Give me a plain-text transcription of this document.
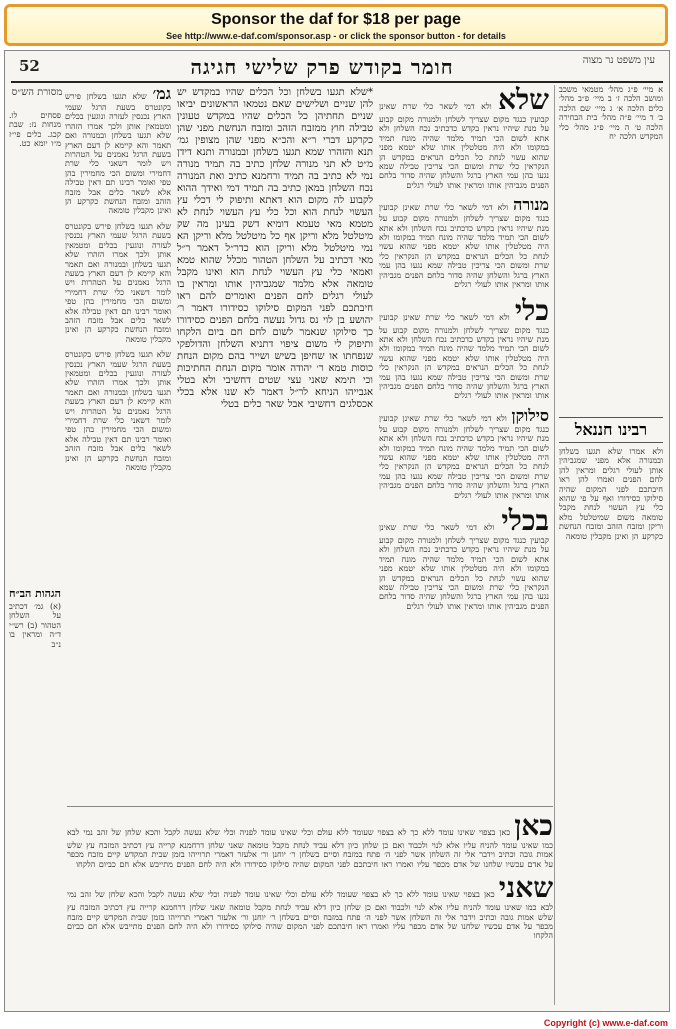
Sponsor the daf for $18 per page
See http://www.e-daf.com/sponsor.asp - or click the sponsor button - for details
52	חומר בקודש פרק שלישי חגיגה	עין משפט נר מצוה
מסורת הש״ס	א מיי׳ פ״ג מהל׳ מטמאי משכב ומושב הלכה ז׳ ב מיי׳ פ״ב מהל׳ כלים הלכה א׳ ג מיי׳ שם הלכה ב׳ ד מיי׳ פ״ה מהל׳ בית הבחירה הלכה ט׳ ה מיי׳ פ״ג מהל׳ כלי המקדש הלכה יח
רבינו חננאל
ולא אמרו שלא תגעו בשלחן ובמנורה אלא מפני שמגביהין אותן לעולי רגלים ומראין להן לחם הפנים ואמרו להן ראו חיבתכם לפני המקום שהיה סילוקו כסידורו ואף על פי שהוא כלי עץ העשוי לנחת מקבל טומאה משום שמיטלטל מלא וריקן ומזבח הזהב ומזבח הנחשת כקרקע הן ואינן מקבלין טומאה
שלא ולא דמי לשאר כלי שרת שאינן קבועין כנגד מקום שצריך לשלחן ולמנורה מקום קבוע על מנת שיהיו נראין בקדש כדכתיב נכח השלחן ולא אתא לשום הכי תמיד מלמד שהיה מונח תמיד במקומו ולא היה מטלטלין אותו שלא יטמא מפני שהוא עשוי לנחת כל הכלים הנראים במקדש הן הנקראין כלי שרת ומשום הכי צריכין טבילה שמא נגעו בהן עמי הארץ ברגל והשלחן שהיה סדור בלחם הפנים מגביהין אותו ומראין אותו לעולי רגלים
מנורה ולא דמי לשאר כלי שרת שאינן קבועין כנגד מקום שצריך לשלחן ולמנורה מקום קבוע על מנת שיהיו נראין בקדש כדכתיב נכח השלחן ולא אתא לשום הכי תמיד מלמד שהיה מונח תמיד במקומו ולא היה מטלטלין אותו שלא יטמא מפני שהוא עשוי לנחת כל הכלים הנראים במקדש הן הנקראין כלי שרת ומשום הכי צריכין טבילה שמא נגעו בהן עמי הארץ ברגל והשלחן שהיה סדור בלחם הפנים מגביהין אותו ומראין אותו לעולי רגלים
כלי ולא דמי לשאר כלי שרת שאינן קבועין כנגד מקום שצריך לשלחן ולמנורה מקום קבוע על מנת שיהיו נראין בקדש כדכתיב נכח השלחן ולא אתא לשום הכי תמיד מלמד שהיה מונח תמיד במקומו ולא היה מטלטלין אותו שלא יטמא מפני שהוא עשוי לנחת כל הכלים הנראים במקדש הן הנקראין כלי שרת ומשום הכי צריכין טבילה שמא נגעו בהן עמי הארץ ברגל והשלחן שהיה סדור בלחם הפנים מגביהין אותו ומראין אותו לעולי רגלים
סילוקן ולא דמי לשאר כלי שרת שאינן קבועין כנגד מקום שצריך לשלחן ולמנורה מקום קבוע על מנת שיהיו נראין בקדש כדכתיב נכח השלחן ולא אתא לשום הכי תמיד מלמד שהיה מונח תמיד במקומו ולא היה מטלטלין אותו שלא יטמא מפני שהוא עשוי לנחת כל הכלים הנראים במקדש הן הנקראין כלי שרת ומשום הכי צריכין טבילה שמא נגעו בהן עמי הארץ ברגל והשלחן שהיה סדור בלחם הפנים מגביהין אותו ומראין אותו לעולי רגלים
בכלי ולא דמי לשאר כלי שרת שאינן קבועין כנגד מקום שצריך לשלחן ולמנורה מקום קבוע על מנת שיהיו נראין בקדש כדכתיב נכח השלחן ולא אתא לשום הכי תמיד מלמד שהיה מונח תמיד במקומו ולא היה מטלטלין אותו שלא יטמא מפני שהוא עשוי לנחת כל הכלים הנראים במקדש הן הנקראין כלי שרת ומשום הכי צריכין טבילה שמא נגעו בהן עמי הארץ ברגל והשלחן שהיה סדור בלחם הפנים מגביהין אותו ומראין אותו לעולי רגלים
*שלא תגעו בשלחן וכל הכלים שהיו במקדש יש להן שניים ושלישים שאם נטמאו הראשונים יביאו שניים תחתיהן כל הכלים שהיו במקדש טעונין טבילה חוץ ממזבח הזהב ומזבח הנחשת מפני שהן כקרקע דברי ר״א והכ״א מפני שהן מצופין גמ׳ תנא והזהרו שמא תגעו בשלחן ובמנורה ותנא דידן מ״ט לא תני מנורה שלחן כתיב בה תמיד מנורה נמי לא כתיב בה תמיד ורחמנא כתיב ואת המנורה נכח השלחן במאן כתיב בה תמיד דמי ואידך ההוא לקבוע לה מקום הוא דאתא ותיפוק לי דכלי עץ העשוי לנחת הוא וכל כלי עץ העשוי לנחת לא מטמא מאי טעמא דומיא דשק בעינן מה שק מיטלטל מלא וריקן אף כל מיטלטל מלא וריקן הא נמי מיטלטל מלא וריקן הוא כדר״ל דאמר ר״ל מאי דכתיב על השלחן הטהור מכלל שהוא טמא ואמאי כלי עץ העשוי לנחת הוא ואינו מקבל טומאה אלא מלמד שמגביהין אותו ומראין בו לעולי רגלים לחם הפנים ואומרים להם ראו חיבתכם לפני המקום סילוקו כסידורו דאמר ר׳ יהושע בן לוי נס גדול נעשה בלחם הפנים כסידורו כך סילוקו שנאמר לשום לחם חם ביום הלקחו ותיפוק לי משום ציפוי דתניא השלחן והדולפקי שנפחתו או שחיפן בשיש ושייר בהם מקום הנחת כוסות טמא ר׳ יהודה אומר מקום הנחת החתיכות וכי תימא שאני עצי שטים דחשיבי ולא בטלי אגבייהו הניחא לר״ל דאמר לא שנו אלא בכלי אכסלגים דחשיבי אבל שאר כלים בטלי
גמ׳ שלא תגעו בשלחן פירש בקונטרס בשעת הרגל שעמי הארץ נכנסין לעזרה ונוגעין בכלים ומטמאין אותן ולכך אמרו הזהרו שלא תגעו בשלחן ובמנורה ואם תאמר והא קיימא לן דעם הארץ בשעת הרגל נאמנים על הטהרות ויש לומר דשאני כלי שרת דחמירי ומשום הכי מחמירין בהן טפי ואומר רבינו תם דאין טבילה אלא לשאר כלים אבל מזבח הזהב ומזבח הנחשת כקרקע הן ואינן מקבלין טומאה
שלא תגעו בשלחן פירש בקונטרס בשעת הרגל שעמי הארץ נכנסין לעזרה ונוגעין בכלים ומטמאין אותן ולכך אמרו הזהרו שלא תגעו בשלחן ובמנורה ואם תאמר והא קיימא לן דעם הארץ בשעת הרגל נאמנים על הטהרות ויש לומר דשאני כלי שרת דחמירי ומשום הכי מחמירין בהן טפי ואומר רבינו תם דאין טבילה אלא לשאר כלים אבל מזבח הזהב ומזבח הנחשת כקרקע הן ואינן מקבלין טומאה
שלא תגעו בשלחן פירש בקונטרס בשעת הרגל שעמי הארץ נכנסין לעזרה ונוגעין בכלים ומטמאין אותן ולכך אמרו הזהרו שלא תגעו בשלחן ובמנורה ואם תאמר והא קיימא לן דעם הארץ בשעת הרגל נאמנים על הטהרות ויש לומר דשאני כלי שרת דחמירי ומשום הכי מחמירין בהן טפי ואומר רבינו תם דאין טבילה אלא לשאר כלים אבל מזבח הזהב ומזבח הנחשת כקרקע הן ואינן מקבלין טומאה
פסחים לו. מנחות נז: שבת קכג. כלים פי״ז מ״ו יומא כט.
הגהות הב״ח
(א) גמ׳ דכתיב על השלחן הטהור (ב) רש״י ד״ה ומראין בו נ״ב
כאן כאן בצפוי שאינו עומד ללא כך לא בצפוי שעומד ללא עולם וכלי שאינו עומד לפניה וכלי שלא נעשה לקבל והכא שלחן של זהב נמי לבא כמו שאינו עומד להניח עליו אלא לנוי ולכבוד ואם כן שלחן כיון דלא עביד לנחת מקבל טומאה שאני שלחן דרחמנא קרייה עץ דכתיב המזבח עץ שלש אמות גובה וכתיב וידבר אלי זה השלחן אשר לפני ה׳ פתח במזבח וסיים בשלחן ר׳ יוחנן ור׳ אלעזר דאמרי תרוייהו בזמן שבית המקדש קיים מזבח מכפר על אדם עכשיו שלחנו של אדם מכפר עליו ואמרו ראו חיבתכם לפני המקום שהיה סילוקו כסידורו ולא היה לחם הפנים מתייבש אלא חם כביום הלקחו
שאני כאן בצפוי שאינו עומד ללא כך לא בצפוי שעומד ללא עולם וכלי שאינו עומד לפניה וכלי שלא נעשה לקבל והכא שלחן של זהב נמי לבא כמו שאינו עומד להניח עליו אלא לנוי ולכבוד ואם כן שלחן כיון דלא עביד לנחת מקבל טומאה שאני שלחן דרחמנא קרייה עץ דכתיב המזבח עץ שלש אמות גובה וכתיב וידבר אלי זה השלחן אשר לפני ה׳ פתח במזבח וסיים בשלחן ר׳ יוחנן ור׳ אלעזר דאמרי תרוייהו בזמן שבית המקדש קיים מזבח מכפר על אדם עכשיו שלחנו של אדם מכפר עליו ואמרו ראו חיבתכם לפני המקום שהיה סילוקו כסידורו ולא היה לחם הפנים מתייבש אלא חם כביום הלקחו
Copyright (c) www.e-daf.com
